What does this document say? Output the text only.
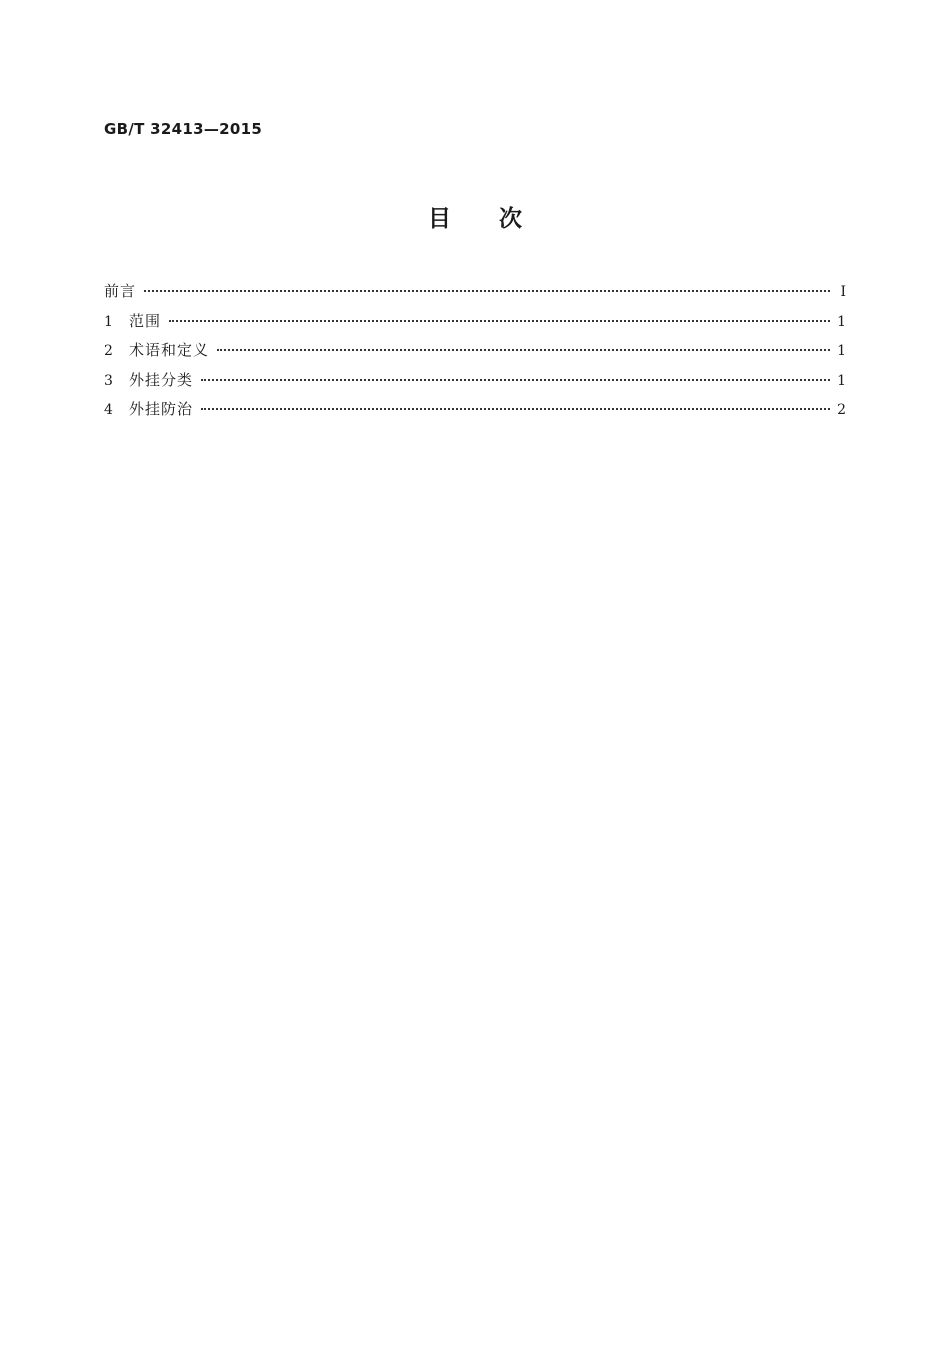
GB/T 32413—2015
目 次
前言	I
1	范围	1
2	术语和定义	1
3	外挂分类	1
4	外挂防治	2
